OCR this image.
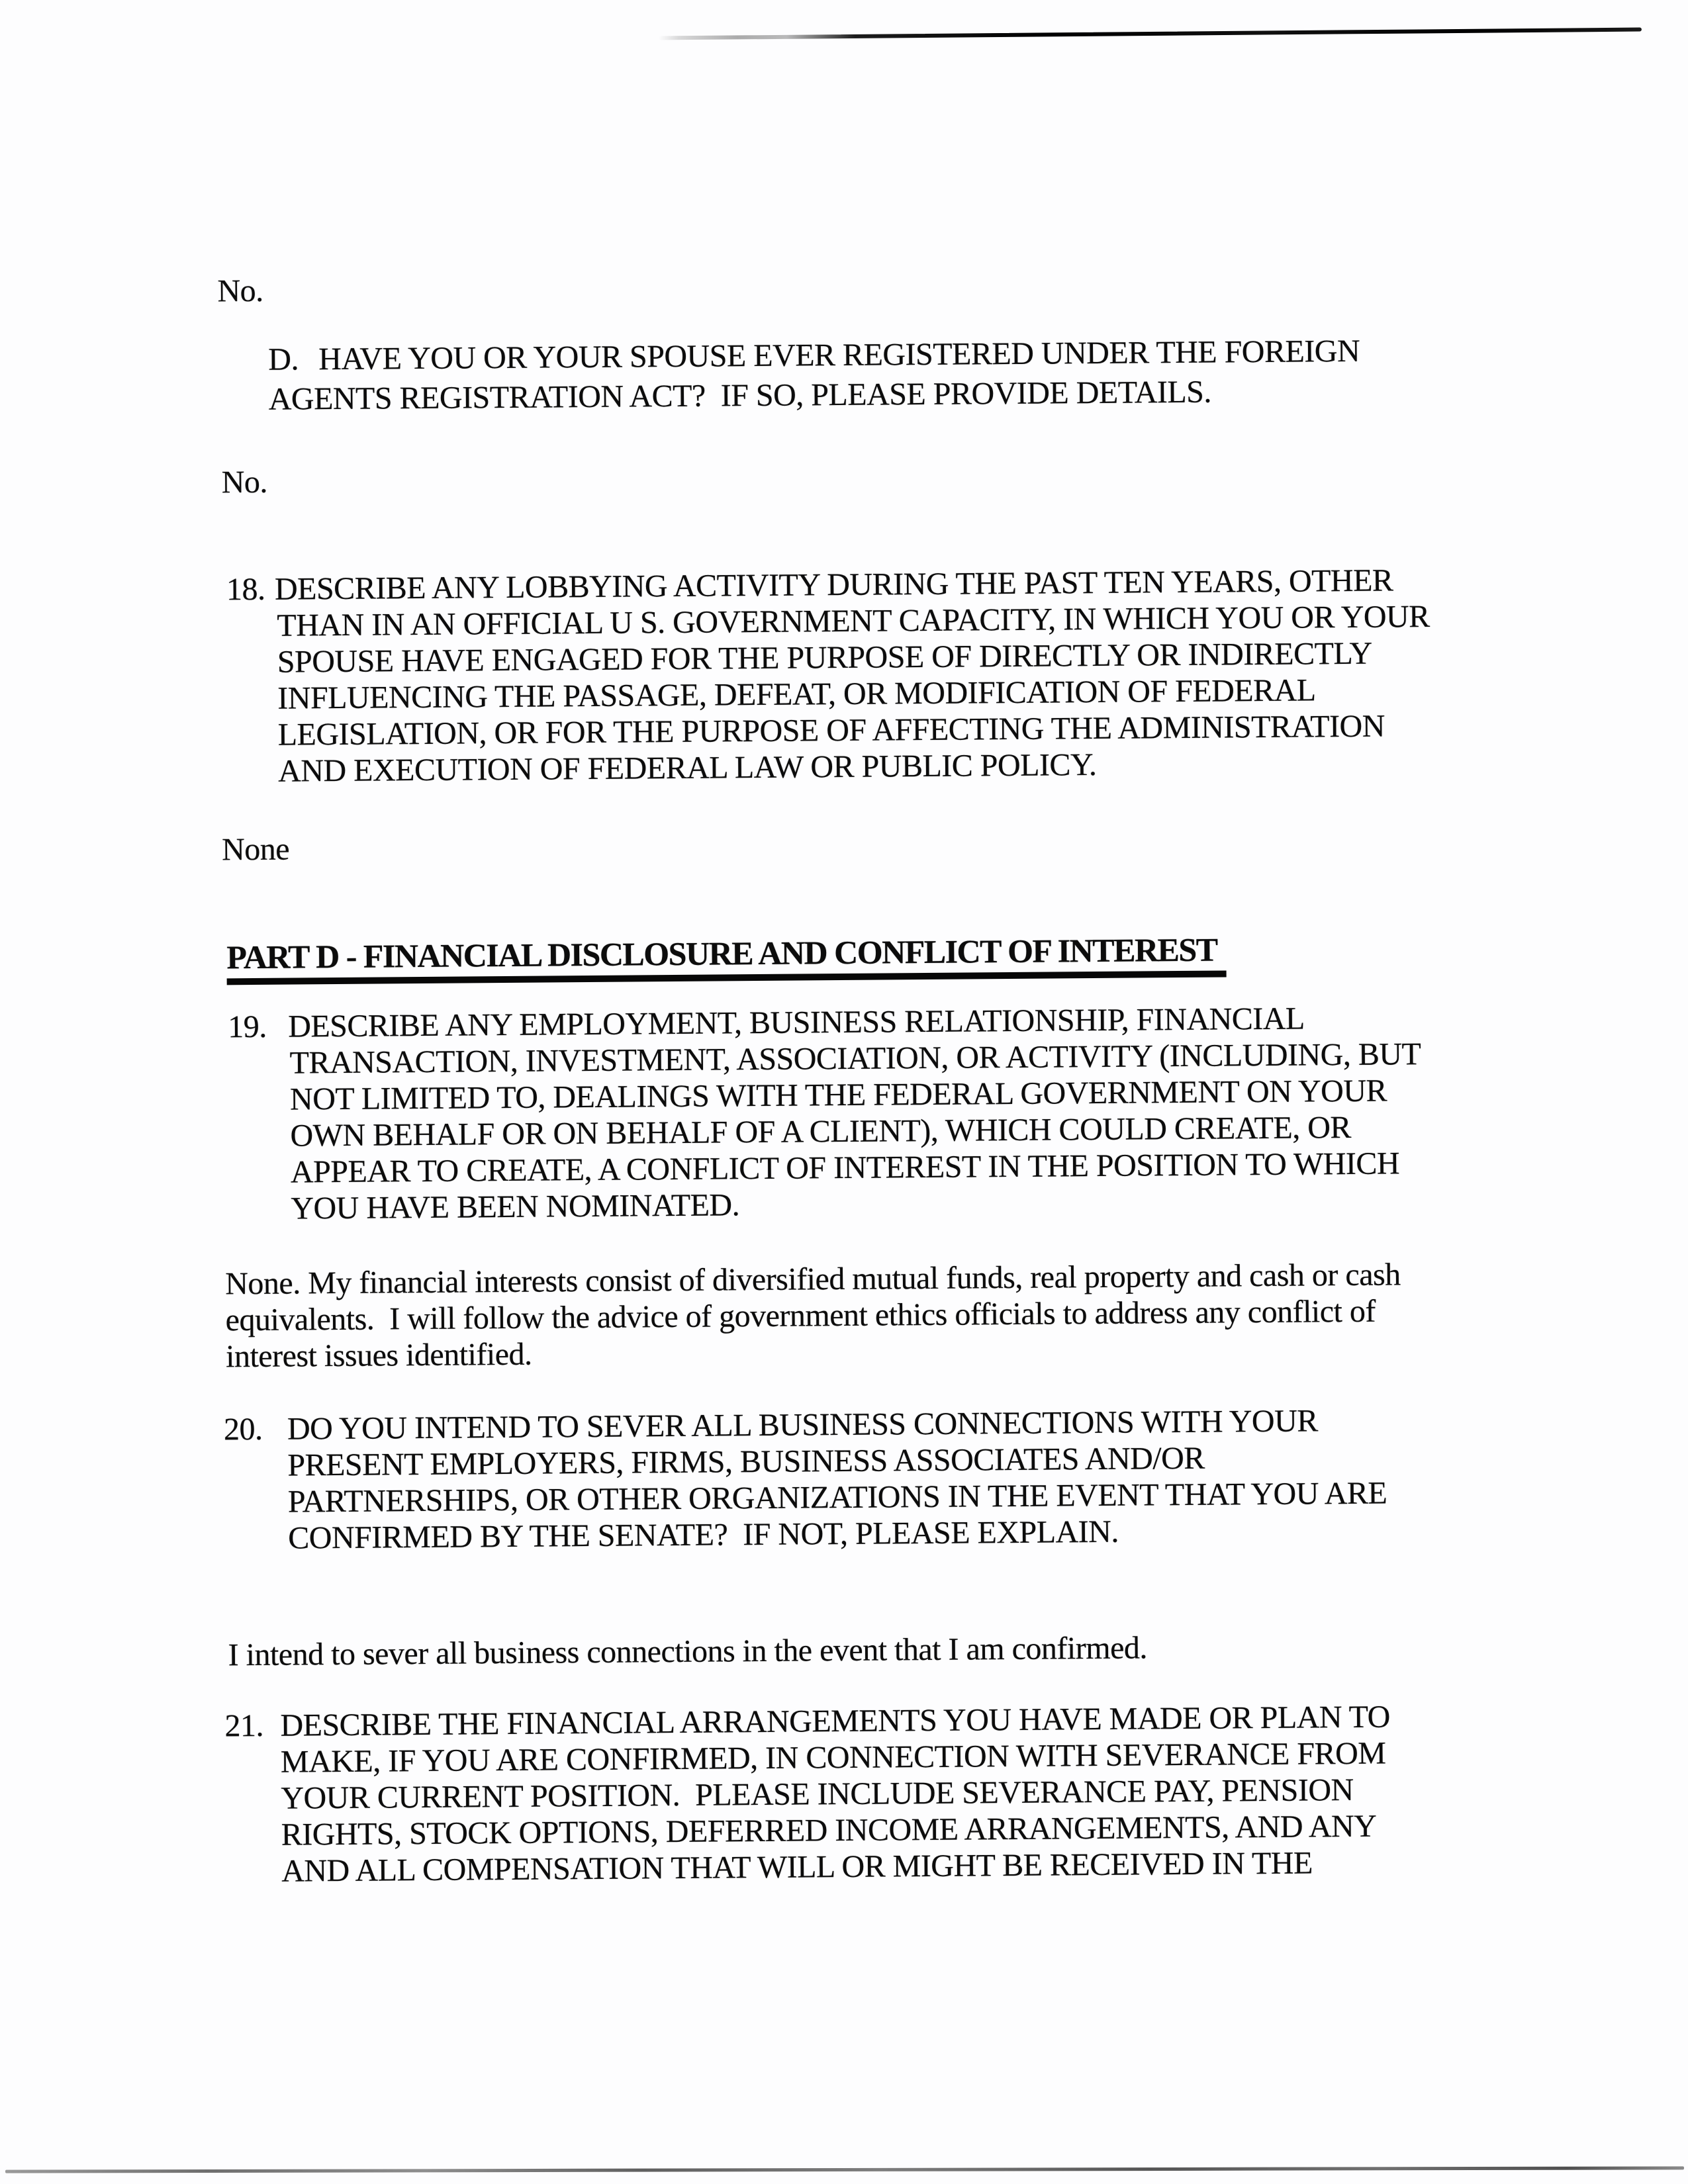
No.
D. HAVE YOU OR YOUR SPOUSE EVER REGISTERED UNDER THE FOREIGN
AGENTS REGISTRATION ACT?  IF SO, PLEASE PROVIDE DETAILS.
No.
18. DESCRIBE ANY LOBBYING ACTIVITY DURING THE PAST TEN YEARS, OTHER
THAN IN AN OFFICIAL U S. GOVERNMENT CAPACITY, IN WHICH YOU OR YOUR
SPOUSE HAVE ENGAGED FOR THE PURPOSE OF DIRECTLY OR INDIRECTLY
INFLUENCING THE PASSAGE, DEFEAT, OR MODIFICATION OF FEDERAL
LEGISLATION, OR FOR THE PURPOSE OF AFFECTING THE ADMINISTRATION
AND EXECUTION OF FEDERAL LAW OR PUBLIC POLICY.
None
PART D - FINANCIAL DISCLOSURE AND CONFLICT OF INTEREST
19. DESCRIBE ANY EMPLOYMENT, BUSINESS RELATIONSHIP, FINANCIAL
TRANSACTION, INVESTMENT, ASSOCIATION, OR ACTIVITY (INCLUDING, BUT
NOT LIMITED TO, DEALINGS WITH THE FEDERAL GOVERNMENT ON YOUR
OWN BEHALF OR ON BEHALF OF A CLIENT), WHICH COULD CREATE, OR
APPEAR TO CREATE, A CONFLICT OF INTEREST IN THE POSITION TO WHICH
YOU HAVE BEEN NOMINATED.
None. My financial interests consist of diversified mutual funds, real property and cash or cash
equivalents.  I will follow the advice of government ethics officials to address any conflict of
interest issues identified.
20. DO YOU INTEND TO SEVER ALL BUSINESS CONNECTIONS WITH YOUR
PRESENT EMPLOYERS, FIRMS, BUSINESS ASSOCIATES AND/OR
PARTNERSHIPS, OR OTHER ORGANIZATIONS IN THE EVENT THAT YOU ARE
CONFIRMED BY THE SENATE?  IF NOT, PLEASE EXPLAIN.
I intend to sever all business connections in the event that I am confirmed.
21. DESCRIBE THE FINANCIAL ARRANGEMENTS YOU HAVE MADE OR PLAN TO
MAKE, IF YOU ARE CONFIRMED, IN CONNECTION WITH SEVERANCE FROM
YOUR CURRENT POSITION.  PLEASE INCLUDE SEVERANCE PAY, PENSION
RIGHTS, STOCK OPTIONS, DEFERRED INCOME ARRANGEMENTS, AND ANY
AND ALL COMPENSATION THAT WILL OR MIGHT BE RECEIVED IN THE
